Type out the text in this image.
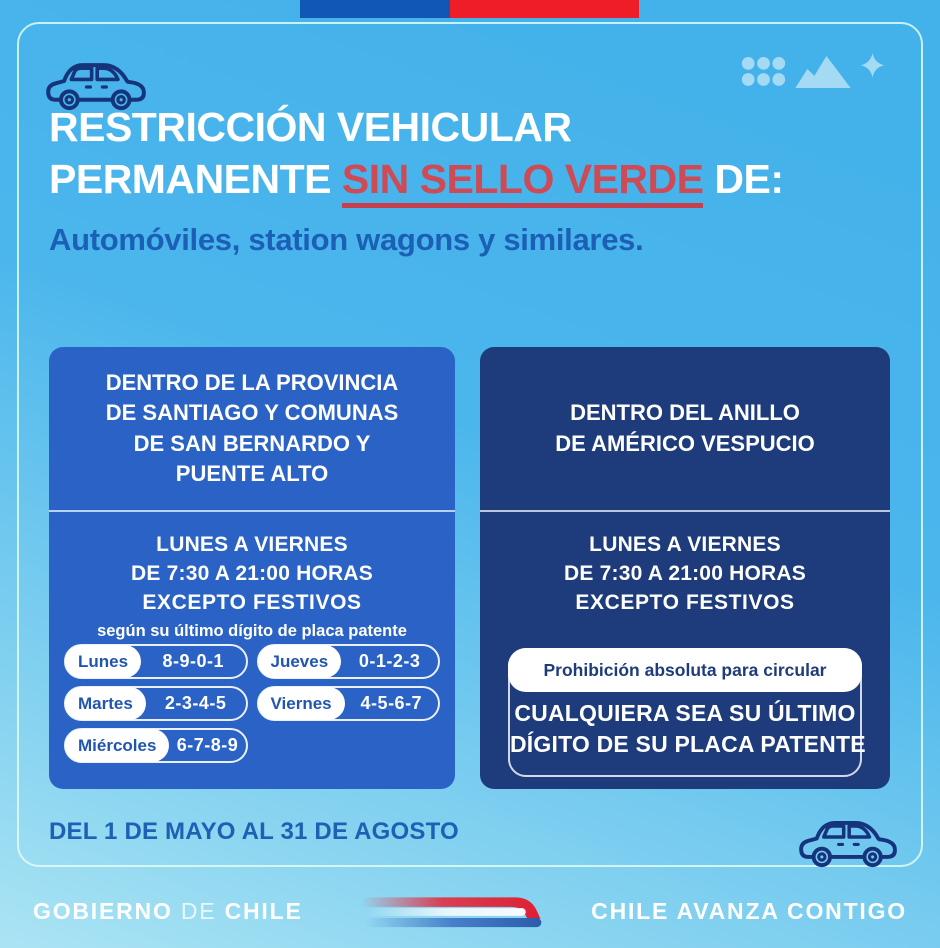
RESTRICCIÓN VEHICULAR
PERMANENTE SIN SELLO VERDE DE:

Automóviles, station wagons y similares.

DENTRO DE LA PROVINCIA
DE SANTIAGO Y COMUNAS
DE SAN BERNARDO Y
PUENTE ALTO
LUNES A VIERNES
DE 7:30 A 21:00 HORAS
EXCEPTO FESTIVOS
según su último dígito de placa patente
Lunes	8-9-0-1	Jueves	0-1-2-3
Martes	2-3-4-5	Viernes	4-5-6-7
Miércoles	6-7-8-9
DENTRO DEL ANILLO
DE AMÉRICO VESPUCIO
LUNES A VIERNES
DE 7:30 A 21:00 HORAS
EXCEPTO FESTIVOS
Prohibición absoluta para circular
CUALQUIERA SEA SU ÚLTIMO
DÍGITO DE SU PLACA PATENTE

DEL 1 DE MAYO AL 31 DE AGOSTO

GOBIERNO DE CHILE	CHILE AVANZA CONTIGO
